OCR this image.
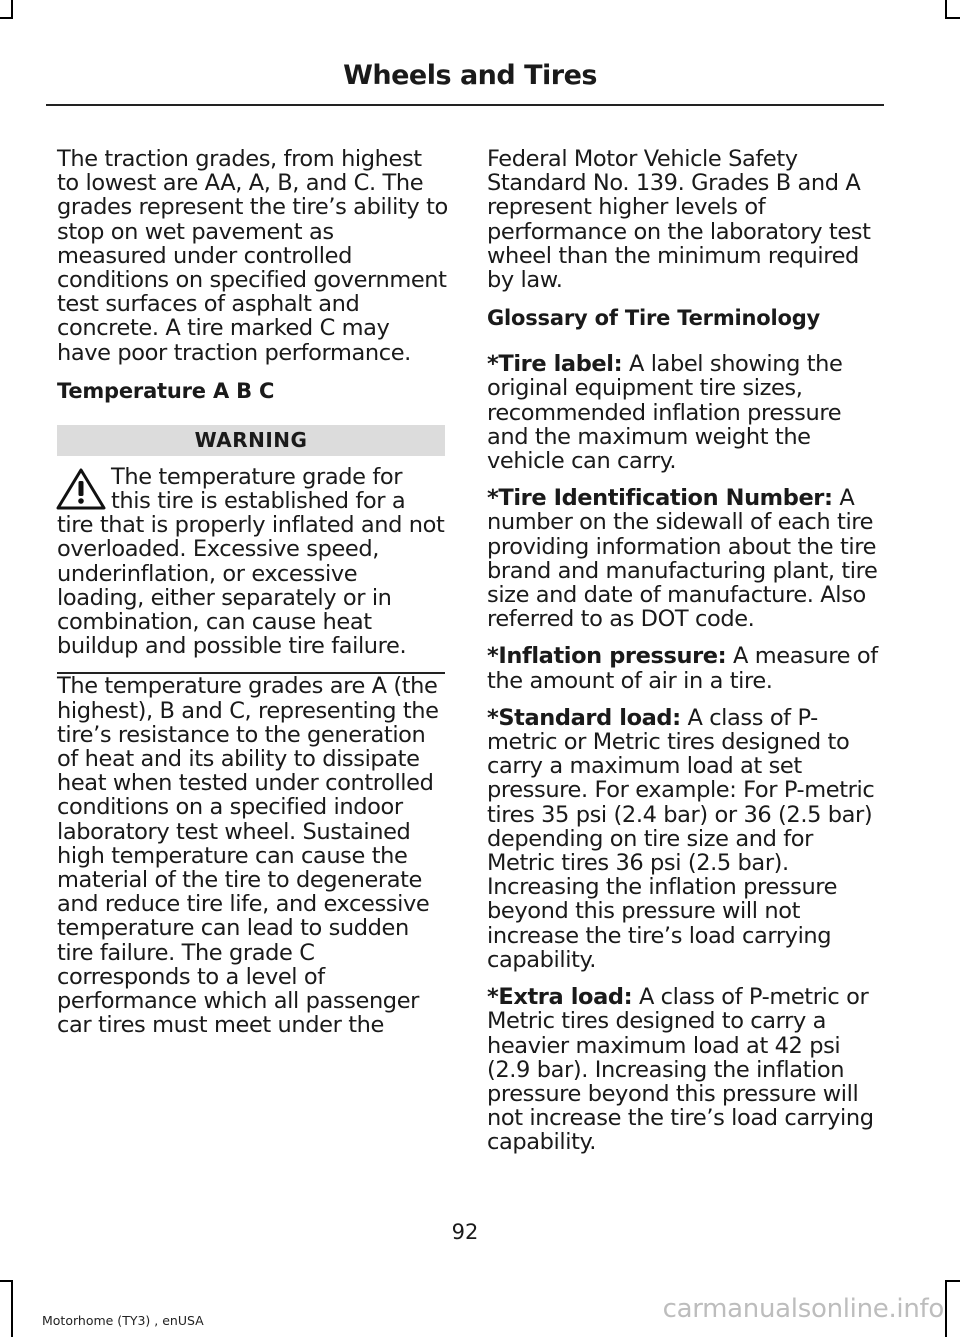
Wheels and Tires

The traction grades, from highest to lowest are AA, A, B, and C. The grades represent the tire’s ability to stop on wet pavement as measured under controlled conditions on specified government test surfaces of asphalt and concrete. A tire marked C may have poor traction performance.

Temperature A B C
WARNING

The temperature grade for this tire is established for a tire that is properly inflated and not overloaded. Excessive speed, underinflation, or excessive loading, either separately or in combination, can cause heat buildup and possible tire failure.

The temperature grades are A (the highest), B and C, representing the tire’s resistance to the generation of heat and its ability to dissipate heat when tested under controlled conditions on a specified indoor laboratory test wheel. Sustained high temperature can cause the material of the tire to degenerate and reduce tire life, and excessive temperature can lead to sudden tire failure. The grade C corresponds to a level of performance which all passenger car tires must meet under the

Federal Motor Vehicle Safety Standard No. 139. Grades B and A represent higher levels of performance on the laboratory test wheel than the minimum required by law.

Glossary of Tire Terminology

*Tire label: A label showing the original equipment tire sizes, recommended inflation pressure and the maximum weight the vehicle can carry.

*Tire Identification Number: A number on the sidewall of each tire providing information about the tire brand and manufacturing plant, tire size and date of manufacture. Also referred to as DOT code.

*Inflation pressure: A measure of the amount of air in a tire.

*Standard load: A class of P-metric or Metric tires designed to carry a maximum load at set pressure. For example: For P-metric tires 35 psi (2.4 bar) or 36 (2.5 bar) depending on tire size and for Metric tires 36 psi (2.5 bar). Increasing the inflation pressure beyond this pressure will not increase the tire’s load carrying capability.

*Extra load: A class of P-metric or Metric tires designed to carry a heavier maximum load at 42 psi (2.9 bar). Increasing the inflation pressure beyond this pressure will not increase the tire’s load carrying capability.

92
Motorhome (TY3) , enUSA	carmanualsonline.info
